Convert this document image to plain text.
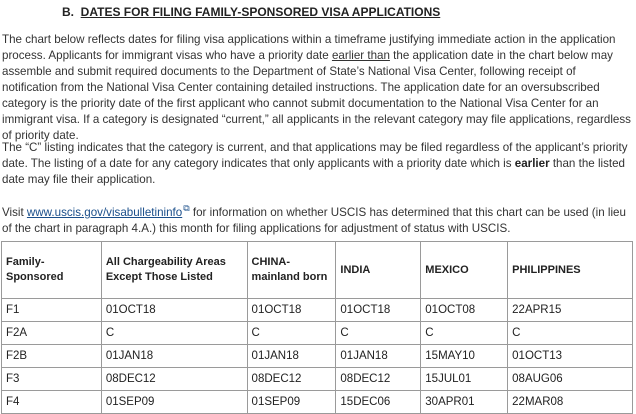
B. DATES FOR FILING FAMILY-SPONSORED VISA APPLICATIONS

The chart below reflects dates for filing visa applications within a timeframe justifying immediate action in the application process. Applicants for immigrant visas who have a priority date earlier than the application date in the chart below may assemble and submit required documents to the Department of State’s National Visa Center, following receipt of notification from the National Visa Center containing detailed instructions. The application date for an oversubscribed category is the priority date of the first applicant who cannot submit documentation to the National Visa Center for an immigrant visa. If a category is designated “current,” all applicants in the relevant category may file applications, regardless of priority date.

The “C” listing indicates that the category is current, and that applications may be filed regardless of the applicant’s priority date. The listing of a date for any category indicates that only applicants with a priority date which is earlier than the listed date may file their application.

Visit www.uscis.gov/visabulletininfo⧉ for information on whether USCIS has determined that this chart can be used (in lieu of the chart in paragraph 4.A.) this month for filing applications for adjustment of status with USCIS.

Family-Sponsored	All Chargeability Areas Except Those Listed	CHINA-mainland born	INDIA	MEXICO	PHILIPPINES
F1	01OCT18	01OCT18	01OCT18	01OCT08	22APR15
F2A	C	C	C	C	C
F2B	01JAN18	01JAN18	01JAN18	15MAY10	01OCT13
F3	08DEC12	08DEC12	08DEC12	15JUL01	08AUG06
F4	01SEP09	01SEP09	15DEC06	30APR01	22MAR08
